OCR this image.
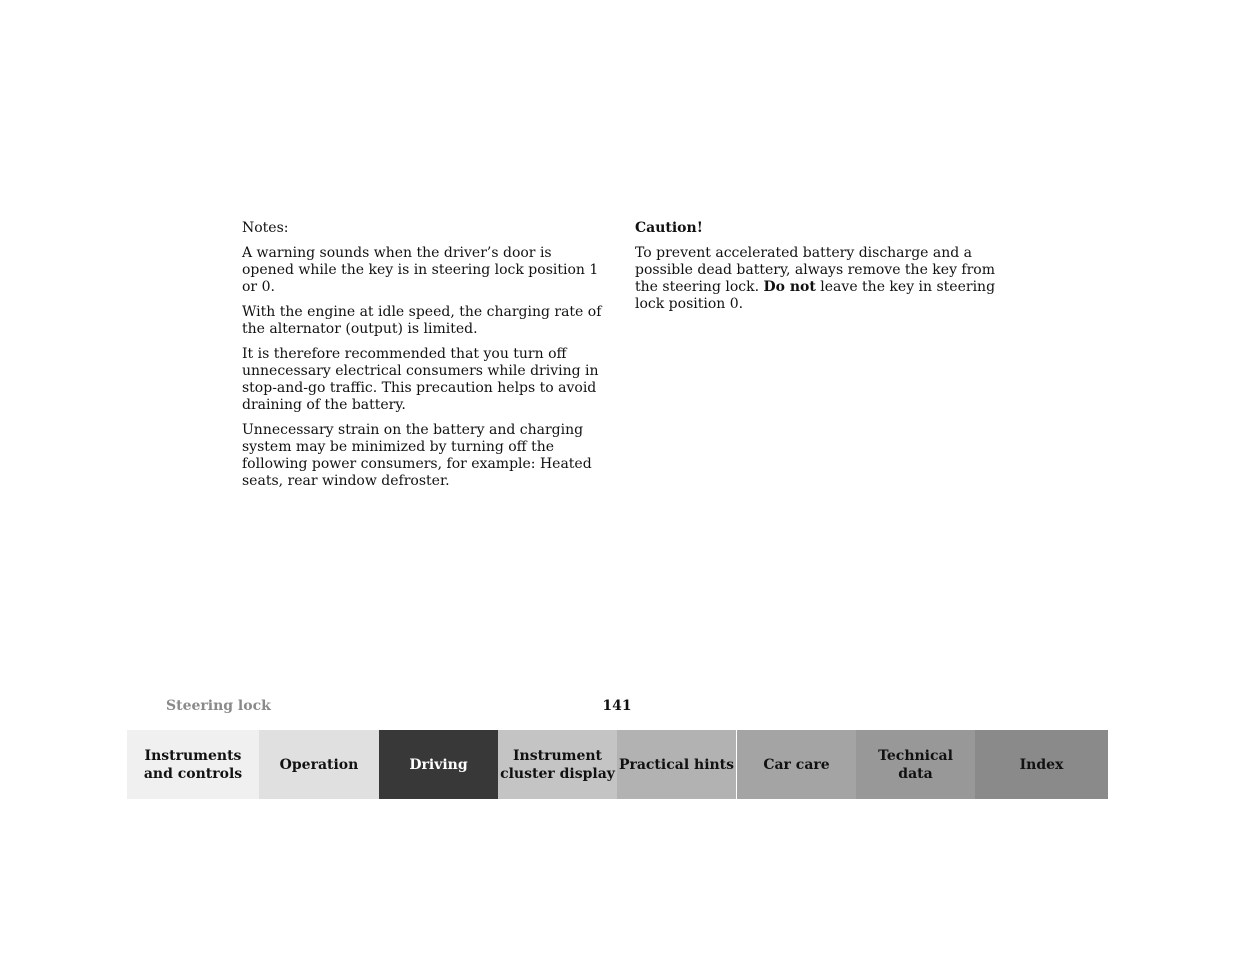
Notes:

A warning sounds when the driver’s door is opened while the key is in steering lock position 1 or 0.

With the engine at idle speed, the charging rate of the alternator (output) is limited.

It is therefore recommended that you turn off unnecessary electrical consumers while driving in stop-and-go traffic. This precaution helps to avoid draining of the battery.

Unnecessary strain on the battery and charging system may be minimized by turning off the following power consumers, for example: Heated seats, rear window defroster.

Caution!

To prevent accelerated battery discharge and a possible dead battery, always remove the key from the steering lock. Do not leave the key in steering lock position 0.

Steering lock	141
Instruments
and controls
Operation	Driving
Instrument
cluster display
Practical hints Car care
Technical
data
Index
